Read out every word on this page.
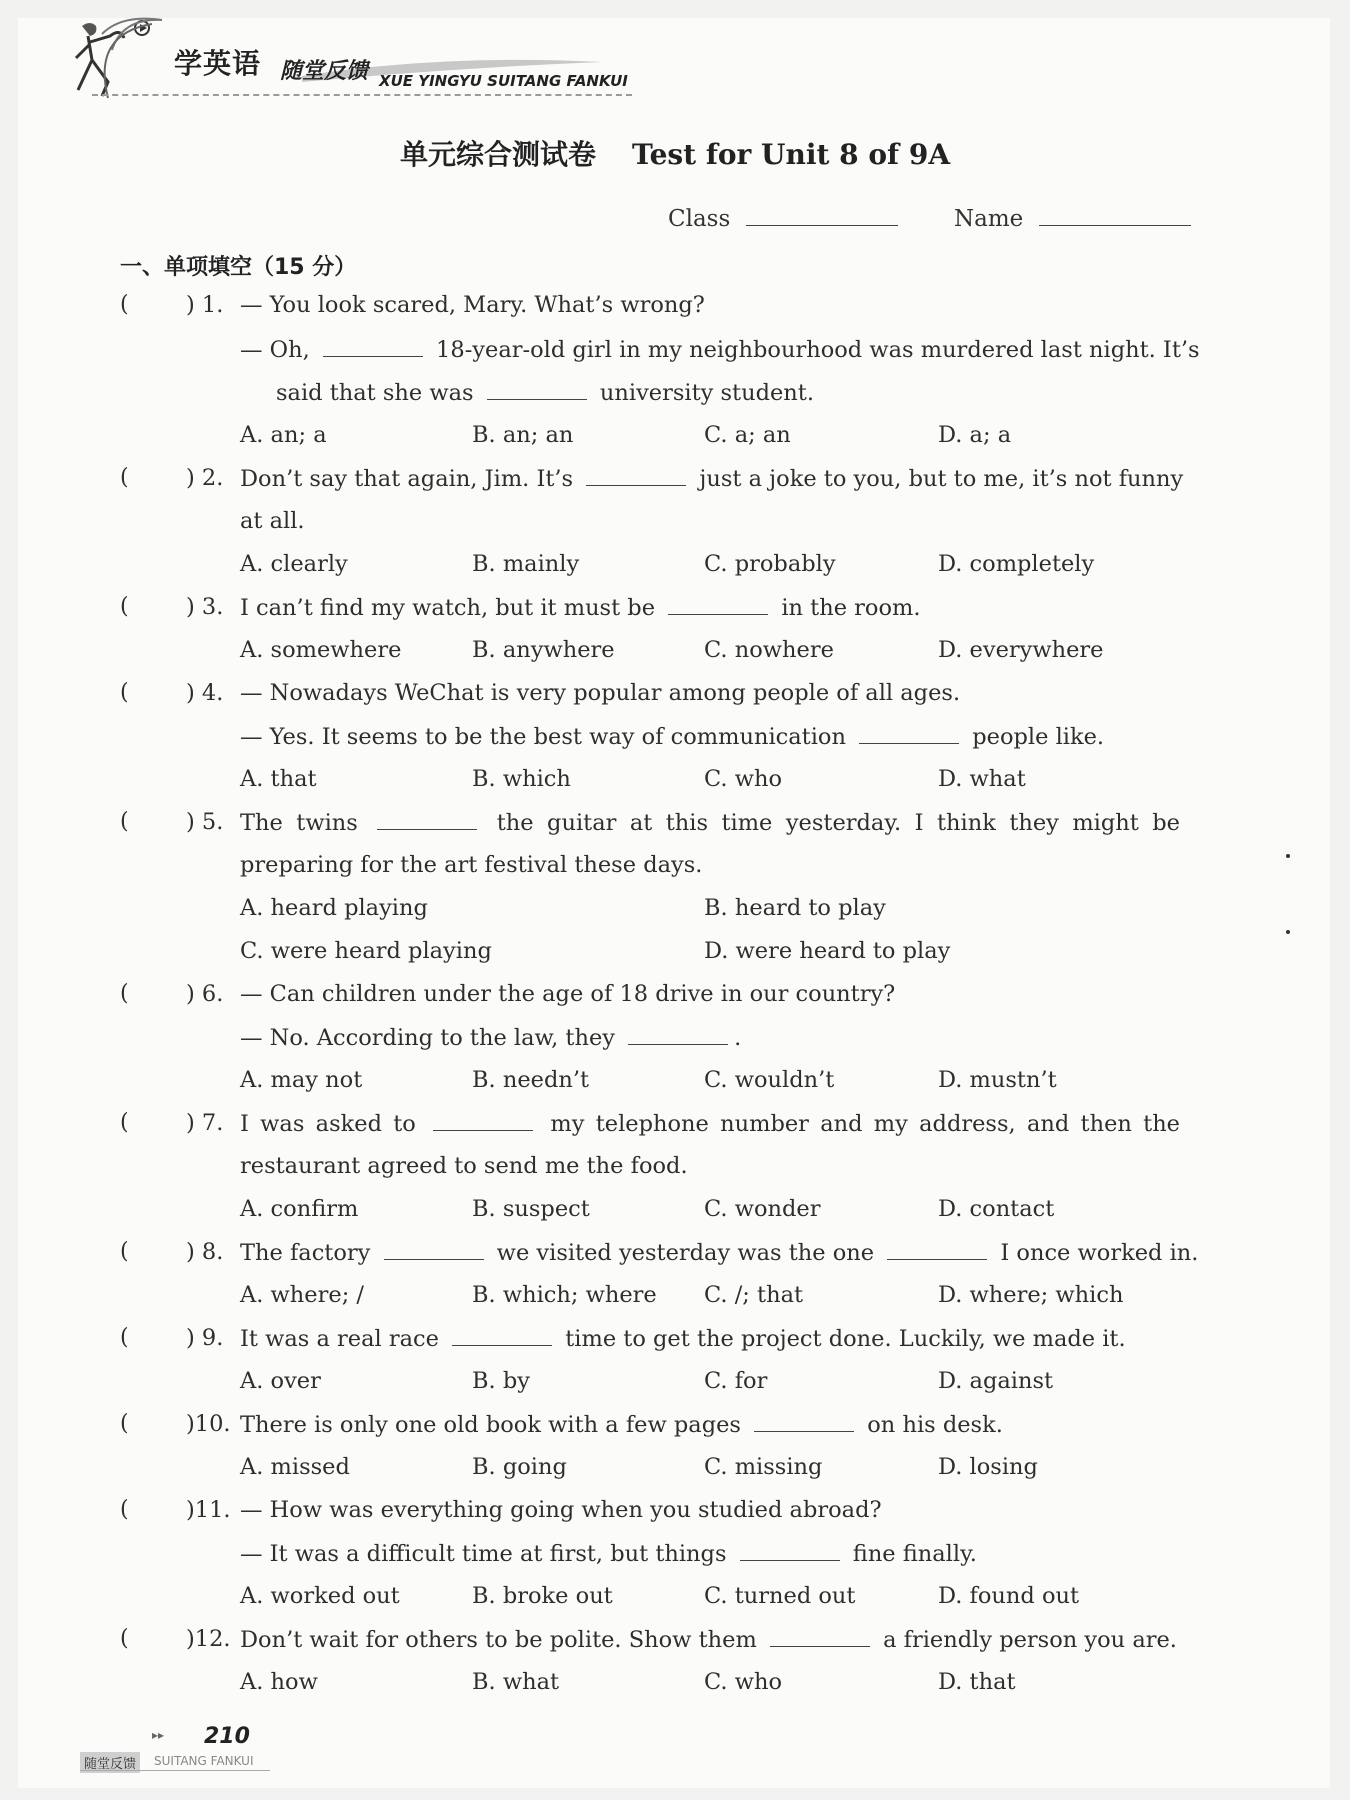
学英语 随堂反馈 XUE YINGYU SUITANG FANKUI
单元综合测试卷 Test for Unit 8 of 9A
Class	Name
一、单项填空（15 分）
(	) 1. — You look scared, Mary. What’s wrong?
— Oh,	18-year-old girl in my neighbourhood was murdered last night. It’s
said that she was	university student.
A. an; a	B. an; an	C. a; an	D. a; a
(	) 2. Don’t say that again, Jim. It’s	just a joke to you, but to me, it’s not funny
at all.
A. clearly	B. mainly	C. probably	D. completely
(	) 3. I can’t find my watch, but it must be	in the room.
A. somewhere	B. anywhere	C. nowhere	D. everywhere
(	) 4. — Nowadays WeChat is very popular among people of all ages.
— Yes. It seems to be the best way of communication	people like.
A. that	B. which	C. who	D. what
(	) 5. The twins	the guitar at this time yesterday. I think they might be
preparing for the art festival these days.
A. heard playing	B. heard to play
C. were heard playing	D. were heard to play
(	) 6. — Can children under the age of 18 drive in our country?
— No. According to the law, they	.
A. may not	B. needn’t	C. wouldn’t	D. mustn’t
(	) 7. I was asked to	my telephone number and my address, and then the
restaurant agreed to send me the food.
A. confirm	B. suspect	C. wonder	D. contact
(	) 8. The factory	we visited yesterday was the one	I once worked in.
A. where; /	B. which; where C. /; that	D. where; which
(	) 9. It was a real race	time to get the project done. Luckily, we made it.
A. over	B. by	C. for	D. against
(	)10. There is only one old book with a few pages	on his desk.
A. missed	B. going	C. missing	D. losing
(	)11. — How was everything going when you studied abroad?
— It was a difficult time at first, but things	fine finally.
A. worked out	B. broke out	C. turned out	D. found out
(	)12. Don’t wait for others to be polite. Show them	a friendly person you are.
A. how	B. what	C. who	D. that
▸▸ 210
随堂反馈	SUITANG FANKUI
